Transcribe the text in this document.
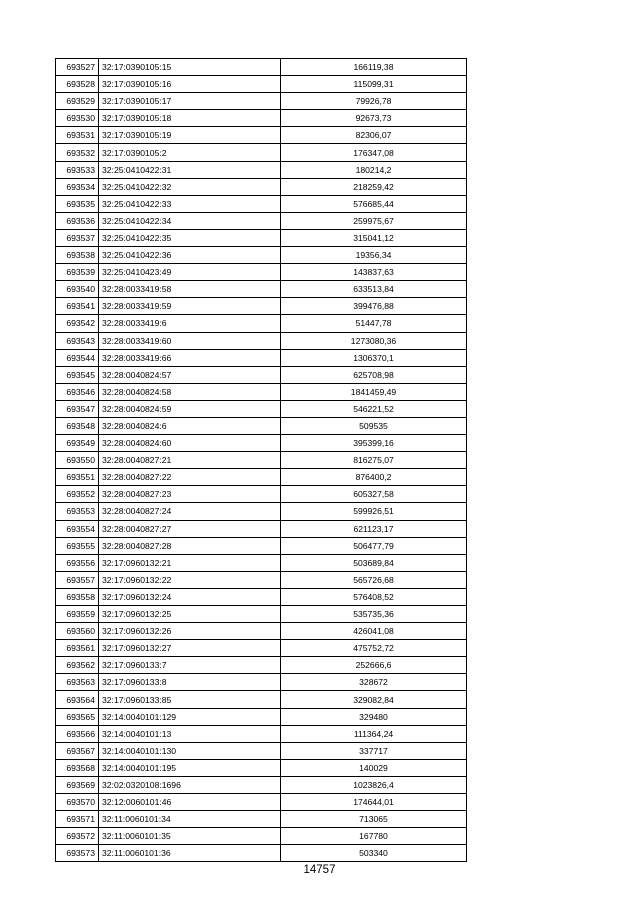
693527	32:17:0390105:15	166119,38
693528	32:17:0390105:16	115099,31
693529	32:17:0390105:17	79926,78
693530	32:17:0390105:18	92673,73
693531	32:17:0390105:19	82306,07
693532	32:17:0390105:2	176347,08
693533	32:25:0410422:31	180214,2
693534	32:25:0410422:32	218259,42
693535	32:25:0410422:33	576685,44
693536	32:25:0410422:34	259975,67
693537	32:25:0410422:35	315041,12
693538	32:25:0410422:36	19356,34
693539	32:25:0410423:49	143837,63
693540	32:28:0033419:58	633513,84
693541	32:28:0033419:59	399476,88
693542	32:28:0033419:6	51447,78
693543	32:28:0033419:60	1273080,36
693544	32:28:0033419:66	1306370,1
693545	32:28:0040824:57	625708,98
693546	32:28:0040824:58	1841459,49
693547	32:28:0040824:59	546221,52
693548	32:28:0040824:6	509535
693549	32:28:0040824:60	395399,16
693550	32:28:0040827:21	816275,07
693551	32:28:0040827:22	876400,2
693552	32:28:0040827:23	605327,58
693553	32:28:0040827:24	599926,51
693554	32:28:0040827:27	621123,17
693555	32:28:0040827:28	506477,79
693556	32:17:0960132:21	503689,84
693557	32:17:0960132:22	565726,68
693558	32:17:0960132:24	576408,52
693559	32:17:0960132:25	535735,36
693560	32:17:0960132:26	426041,08
693561	32:17:0960132:27	475752,72
693562	32:17:0960133:7	252666,6
693563	32:17:0960133:8	328672
693564	32:17:0960133:85	329082,84
693565	32:14:0040101:129	329480
693566	32:14:0040101:13	111364,24
693567	32:14:0040101:130	337717
693568	32:14:0040101:195	140029
693569	32:02:0320108:1696	1023826,4
693570	32:12:0060101:46	174644,01
693571	32:11:0060101:34	713065
693572	32:11:0060101:35	167780
693573	32:11:0060101:36	503340
14757
